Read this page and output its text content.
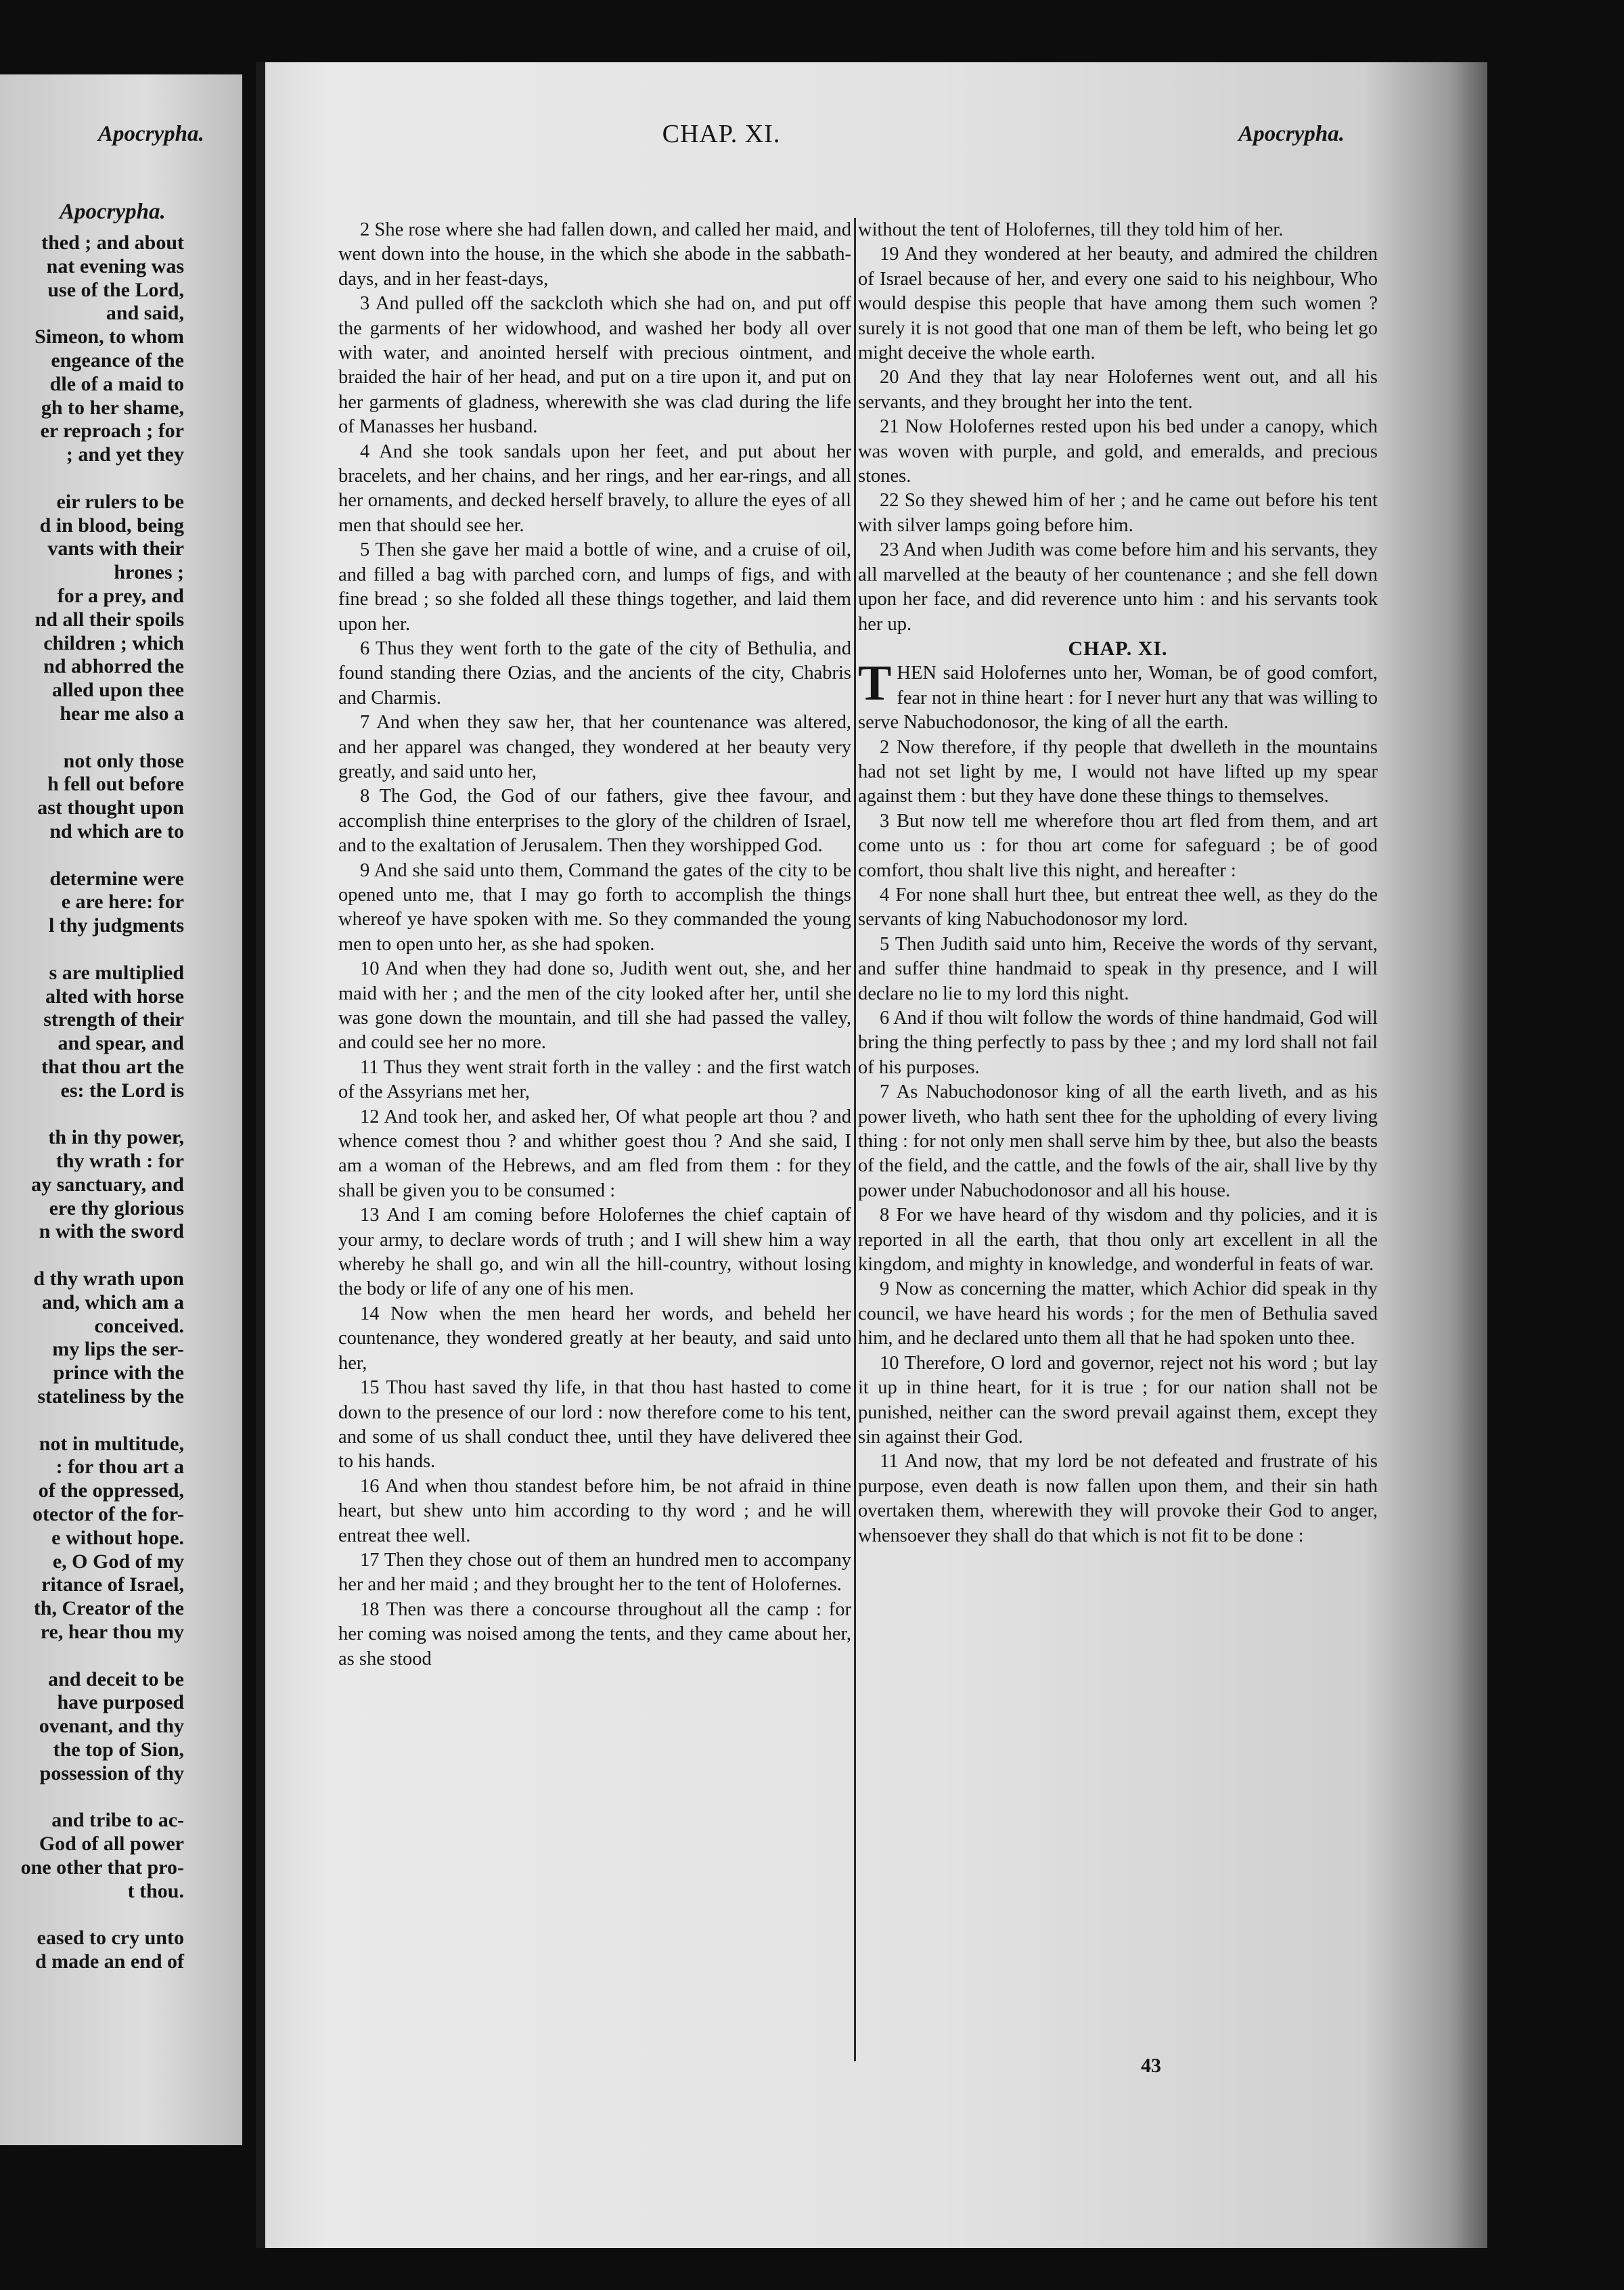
Apocrypha.
thed ; and about
nat evening was
use of the Lord,
and said,
Simeon, to whom
engeance of the
dle of a maid to
gh to her shame,
er reproach ; for
; and yet they
eir rulers to be
d in blood, being
vants with their
hrones ;
for a prey, and
nd all their spoils
children ; which
nd abhorred the
alled upon thee
hear me also a
not only those
h fell out before
ast thought upon
nd which are to
determine were
e are here: for
l thy judgments
s are multiplied
alted with horse
strength of their
and spear, and
that thou art the
es: the Lord is
th in thy power,
thy wrath : for
ay sanctuary, and
ere thy glorious
n with the sword
d thy wrath upon
and, which am a
conceived.
my lips the ser-
prince with the
stateliness by the
not in multitude,
: for thou art a
of the oppressed,
otector of the for-
e without hope.
e, O God of my
ritance of Israel,
th, Creator of the
re, hear thou my
and deceit to be
have purposed
ovenant, and thy
the top of Sion,
possession of thy
and tribe to ac-
God of all power
one other that pro-
t thou.
eased to cry unto
d made an end of
Apocrypha.	CHAP. XI.	Apocrypha.

2 She rose where she had fallen down, and called her maid, and went down into the house, in the which she abode in the sabbath-days, and in her feast-days,

3 And pulled off the sackcloth which she had on, and put off the garments of her widowhood, and washed her body all over with water, and anointed herself with precious ointment, and braided the hair of her head, and put on a tire upon it, and put on her garments of gladness, wherewith she was clad during the life of Manasses her husband.

4 And she took sandals upon her feet, and put about her bracelets, and her chains, and her rings, and her ear-rings, and all her ornaments, and decked herself bravely, to allure the eyes of all men that should see her.

5 Then she gave her maid a bottle of wine, and a cruise of oil, and filled a bag with parched corn, and lumps of figs, and with fine bread ; so she folded all these things together, and laid them upon her.

6 Thus they went forth to the gate of the city of Bethulia, and found standing there Ozias, and the ancients of the city, Chabris and Charmis.

7 And when they saw her, that her countenance was altered, and her apparel was changed, they wondered at her beauty very greatly, and said unto her,

8 The God, the God of our fathers, give thee favour, and accomplish thine enterprises to the glory of the children of Israel, and to the exaltation of Jerusalem. Then they worshipped God.

9 And she said unto them, Command the gates of the city to be opened unto me, that I may go forth to accomplish the things whereof ye have spoken with me. So they commanded the young men to open unto her, as she had spoken.

10 And when they had done so, Judith went out, she, and her maid with her ; and the men of the city looked after her, until she was gone down the mountain, and till she had passed the valley, and could see her no more.

11 Thus they went strait forth in the valley : and the first watch of the Assyrians met her,

12 And took her, and asked her, Of what people art thou ? and whence comest thou ? and whither goest thou ? And she said, I am a woman of the Hebrews, and am fled from them : for they shall be given you to be consumed :

13 And I am coming before Holofernes the chief captain of your army, to declare words of truth ; and I will shew him a way whereby he shall go, and win all the hill-country, without losing the body or life of any one of his men.

14 Now when the men heard her words, and beheld her countenance, they wondered greatly at her beauty, and said unto her,

15 Thou hast saved thy life, in that thou hast hasted to come down to the presence of our lord : now therefore come to his tent, and some of us shall conduct thee, until they have delivered thee to his hands.

16 And when thou standest before him, be not afraid in thine heart, but shew unto him according to thy word ; and he will entreat thee well.

17 Then they chose out of them an hundred men to accompany her and her maid ; and they brought her to the tent of Holofernes.

18 Then was there a concourse throughout all the camp : for her coming was noised among the tents, and they came about her, as she stood

without the tent of Holofernes, till they told him of her.

19 And they wondered at her beauty, and admired the children of Israel because of her, and every one said to his neighbour, Who would despise this people that have among them such women ? surely it is not good that one man of them be left, who being let go might deceive the whole earth.

20 And they that lay near Holofernes went out, and all his servants, and they brought her into the tent.

21 Now Holofernes rested upon his bed under a canopy, which was woven with purple, and gold, and emeralds, and precious stones.

22 So they shewed him of her ; and he came out before his tent with silver lamps going before him.

23 And when Judith was come before him and his servants, they all marvelled at the beauty of her countenance ; and she fell down upon her face, and did reverence unto him : and his servants took her up.

CHAP. XI.

THEN said Holofernes unto her, Woman, be of good comfort, fear not in thine heart : for I never hurt any that was willing to serve Nabuchodonosor, the king of all the earth.

2 Now therefore, if thy people that dwelleth in the mountains had not set light by me, I would not have lifted up my spear against them : but they have done these things to themselves.

3 But now tell me wherefore thou art fled from them, and art come unto us : for thou art come for safeguard ; be of good comfort, thou shalt live this night, and hereafter :

4 For none shall hurt thee, but entreat thee well, as they do the servants of king Nabuchodonosor my lord.

5 Then Judith said unto him, Receive the words of thy servant, and suffer thine handmaid to speak in thy presence, and I will declare no lie to my lord this night.

6 And if thou wilt follow the words of thine handmaid, God will bring the thing perfectly to pass by thee ; and my lord shall not fail of his purposes.

7 As Nabuchodonosor king of all the earth liveth, and as his power liveth, who hath sent thee for the upholding of every living thing : for not only men shall serve him by thee, but also the beasts of the field, and the cattle, and the fowls of the air, shall live by thy power under Nabuchodonosor and all his house.

8 For we have heard of thy wisdom and thy policies, and it is reported in all the earth, that thou only art excellent in all the kingdom, and mighty in knowledge, and wonderful in feats of war.

9 Now as concerning the matter, which Achior did speak in thy council, we have heard his words ; for the men of Bethulia saved him, and he declared unto them all that he had spoken unto thee.

10 Therefore, O lord and governor, reject not his word ; but lay it up in thine heart, for it is true ; for our nation shall not be punished, neither can the sword prevail against them, except they sin against their God.

11 And now, that my lord be not defeated and frustrate of his purpose, even death is now fallen upon them, and their sin hath overtaken them, wherewith they will provoke their God to anger, whensoever they shall do that which is not fit to be done :

43
